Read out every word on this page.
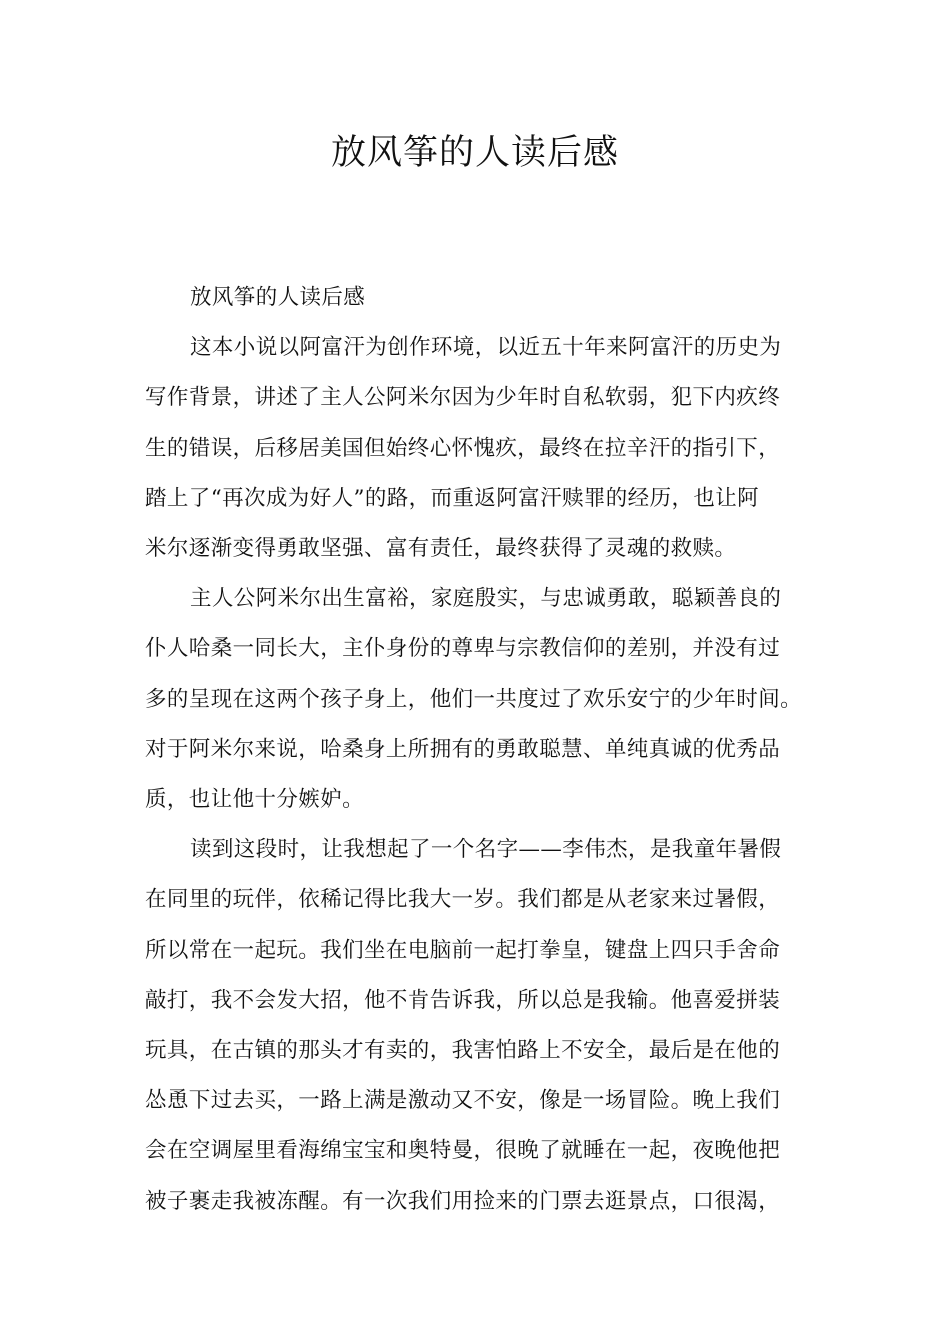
放风筝的人读后感
放风筝的人读后感
这本小说以阿富汗为创作环境，以近五十年来阿富汗的历史为
写作背景，讲述了主人公阿米尔因为少年时自私软弱，犯下内疚终
生的错误，后移居美国但始终心怀愧疚，最终在拉辛汗的指引下，
踏上了“再次成为好人”的路，而重返阿富汗赎罪的经历，也让阿
米尔逐渐变得勇敢坚强、富有责任，最终获得了灵魂的救赎。
主人公阿米尔出生富裕，家庭殷实，与忠诚勇敢，聪颖善良的
仆人哈桑一同长大，主仆身份的尊卑与宗教信仰的差别，并没有过
多的呈现在这两个孩子身上，他们一共度过了欢乐安宁的少年时间。
对于阿米尔来说，哈桑身上所拥有的勇敢聪慧、单纯真诚的优秀品
质，也让他十分嫉妒。
读到这段时，让我想起了一个名字——李伟杰，是我童年暑假
在同里的玩伴，依稀记得比我大一岁。我们都是从老家来过暑假，
所以常在一起玩。我们坐在电脑前一起打拳皇，键盘上四只手舍命
敲打，我不会发大招，他不肯告诉我，所以总是我输。他喜爱拼装
玩具，在古镇的那头才有卖的，我害怕路上不安全，最后是在他的
怂恿下过去买，一路上满是激动又不安，像是一场冒险。晚上我们
会在空调屋里看海绵宝宝和奥特曼，很晚了就睡在一起，夜晚他把
被子裹走我被冻醒。有一次我们用捡来的门票去逛景点，口很渴，
